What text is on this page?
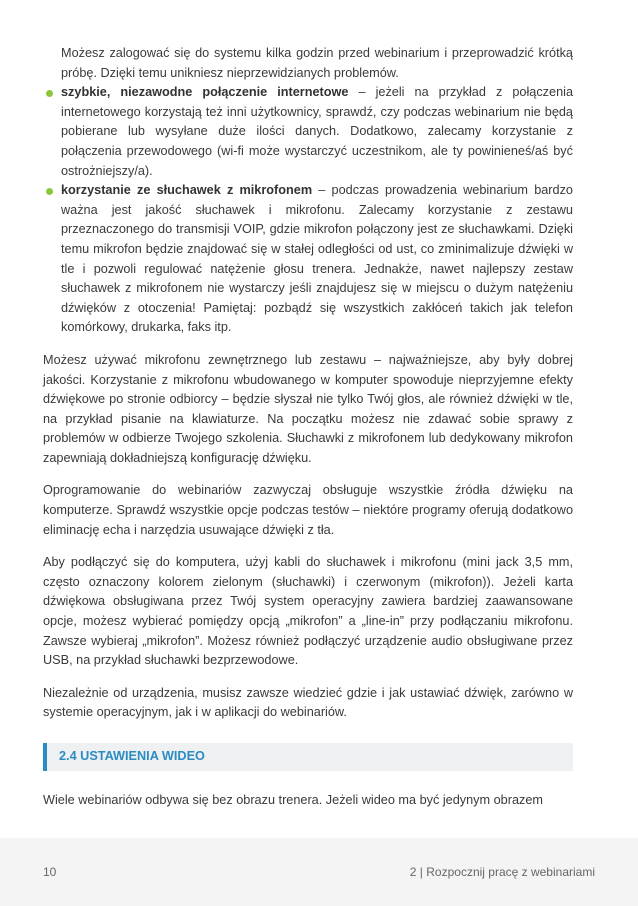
Możesz zalogować się do systemu kilka godzin przed webinarium i przeprowadzić krótką próbę. Dzięki temu unikniesz nieprzewidzianych problemów.

szybkie, niezawodne połączenie internetowe – jeżeli na przykład z połączenia internetowego korzystają też inni użytkownicy, sprawdź, czy podczas webinarium nie będą pobierane lub wysyłane duże ilości danych. Dodatkowo, zalecamy korzystanie z połączenia przewodowego (wi-fi może wystarczyć uczestnikom, ale ty powinieneś/aś być ostrożniejszy/a).
korzystanie ze słuchawek z mikrofonem – podczas prowadzenia webinarium bardzo ważna jest jakość słuchawek i mikrofonu. Zalecamy korzystanie z zestawu przeznaczonego do transmisji VOIP, gdzie mikrofon połączony jest ze słuchawkami. Dzięki temu mikrofon będzie znajdować się w stałej odległości od ust, co zminimalizuje dźwięki w tle i pozwoli regulować natężenie głosu trenera. Jednakże, nawet najlepszy zestaw słuchawek z mikrofonem nie wystarczy jeśli znajdujesz się w miejscu o dużym natężeniu dźwięków z otoczenia! Pamiętaj: pozbądź się wszystkich zakłóceń takich jak telefon komórkowy, drukarka, faks itp.

Możesz używać mikrofonu zewnętrznego lub zestawu – najważniejsze, aby były dobrej jakości. Korzystanie z mikrofonu wbudowanego w komputer spowoduje nieprzyjemne efekty dźwiękowe po stronie odbiorcy – będzie słyszał nie tylko Twój głos, ale również dźwięki w tle, na przykład pisanie na klawiaturze. Na początku możesz nie zdawać sobie sprawy z problemów w odbierze Twojego szkolenia. Słuchawki z mikrofonem lub dedykowany mikrofon zapewniają dokładniejszą konfigurację dźwięku.

Oprogramowanie do webinariów zazwyczaj obsługuje wszystkie źródła dźwięku na komputerze. Sprawdź wszystkie opcje podczas testów – niektóre programy oferują dodatkowo eliminację echa i narzędzia usuwające dźwięki z tła.

Aby podłączyć się do komputera, użyj kabli do słuchawek i mikrofonu (mini jack 3,5 mm, często oznaczony kolorem zielonym (słuchawki) i czerwonym (mikrofon)). Jeżeli karta dźwiękowa obsługiwana przez Twój system operacyjny zawiera bardziej zaawansowane opcje, możesz wybierać pomiędzy opcją „mikrofon” a „line-in” przy podłączaniu mikrofonu. Zawsze wybieraj „mikrofon”. Możesz również podłączyć urządzenie audio obsługiwane przez USB, na przykład słuchawki bezprzewodowe.

Niezależnie od urządzenia, musisz zawsze wiedzieć gdzie i jak ustawiać dźwięk, zarówno w systemie operacyjnym, jak i w aplikacji do webinariów.

2.4 USTAWIENIA WIDEO

Wiele webinariów odbywa się bez obrazu trenera. Jeżeli wideo ma być jedynym obrazem

10	2 | Rozpocznij pracę z webinariami
